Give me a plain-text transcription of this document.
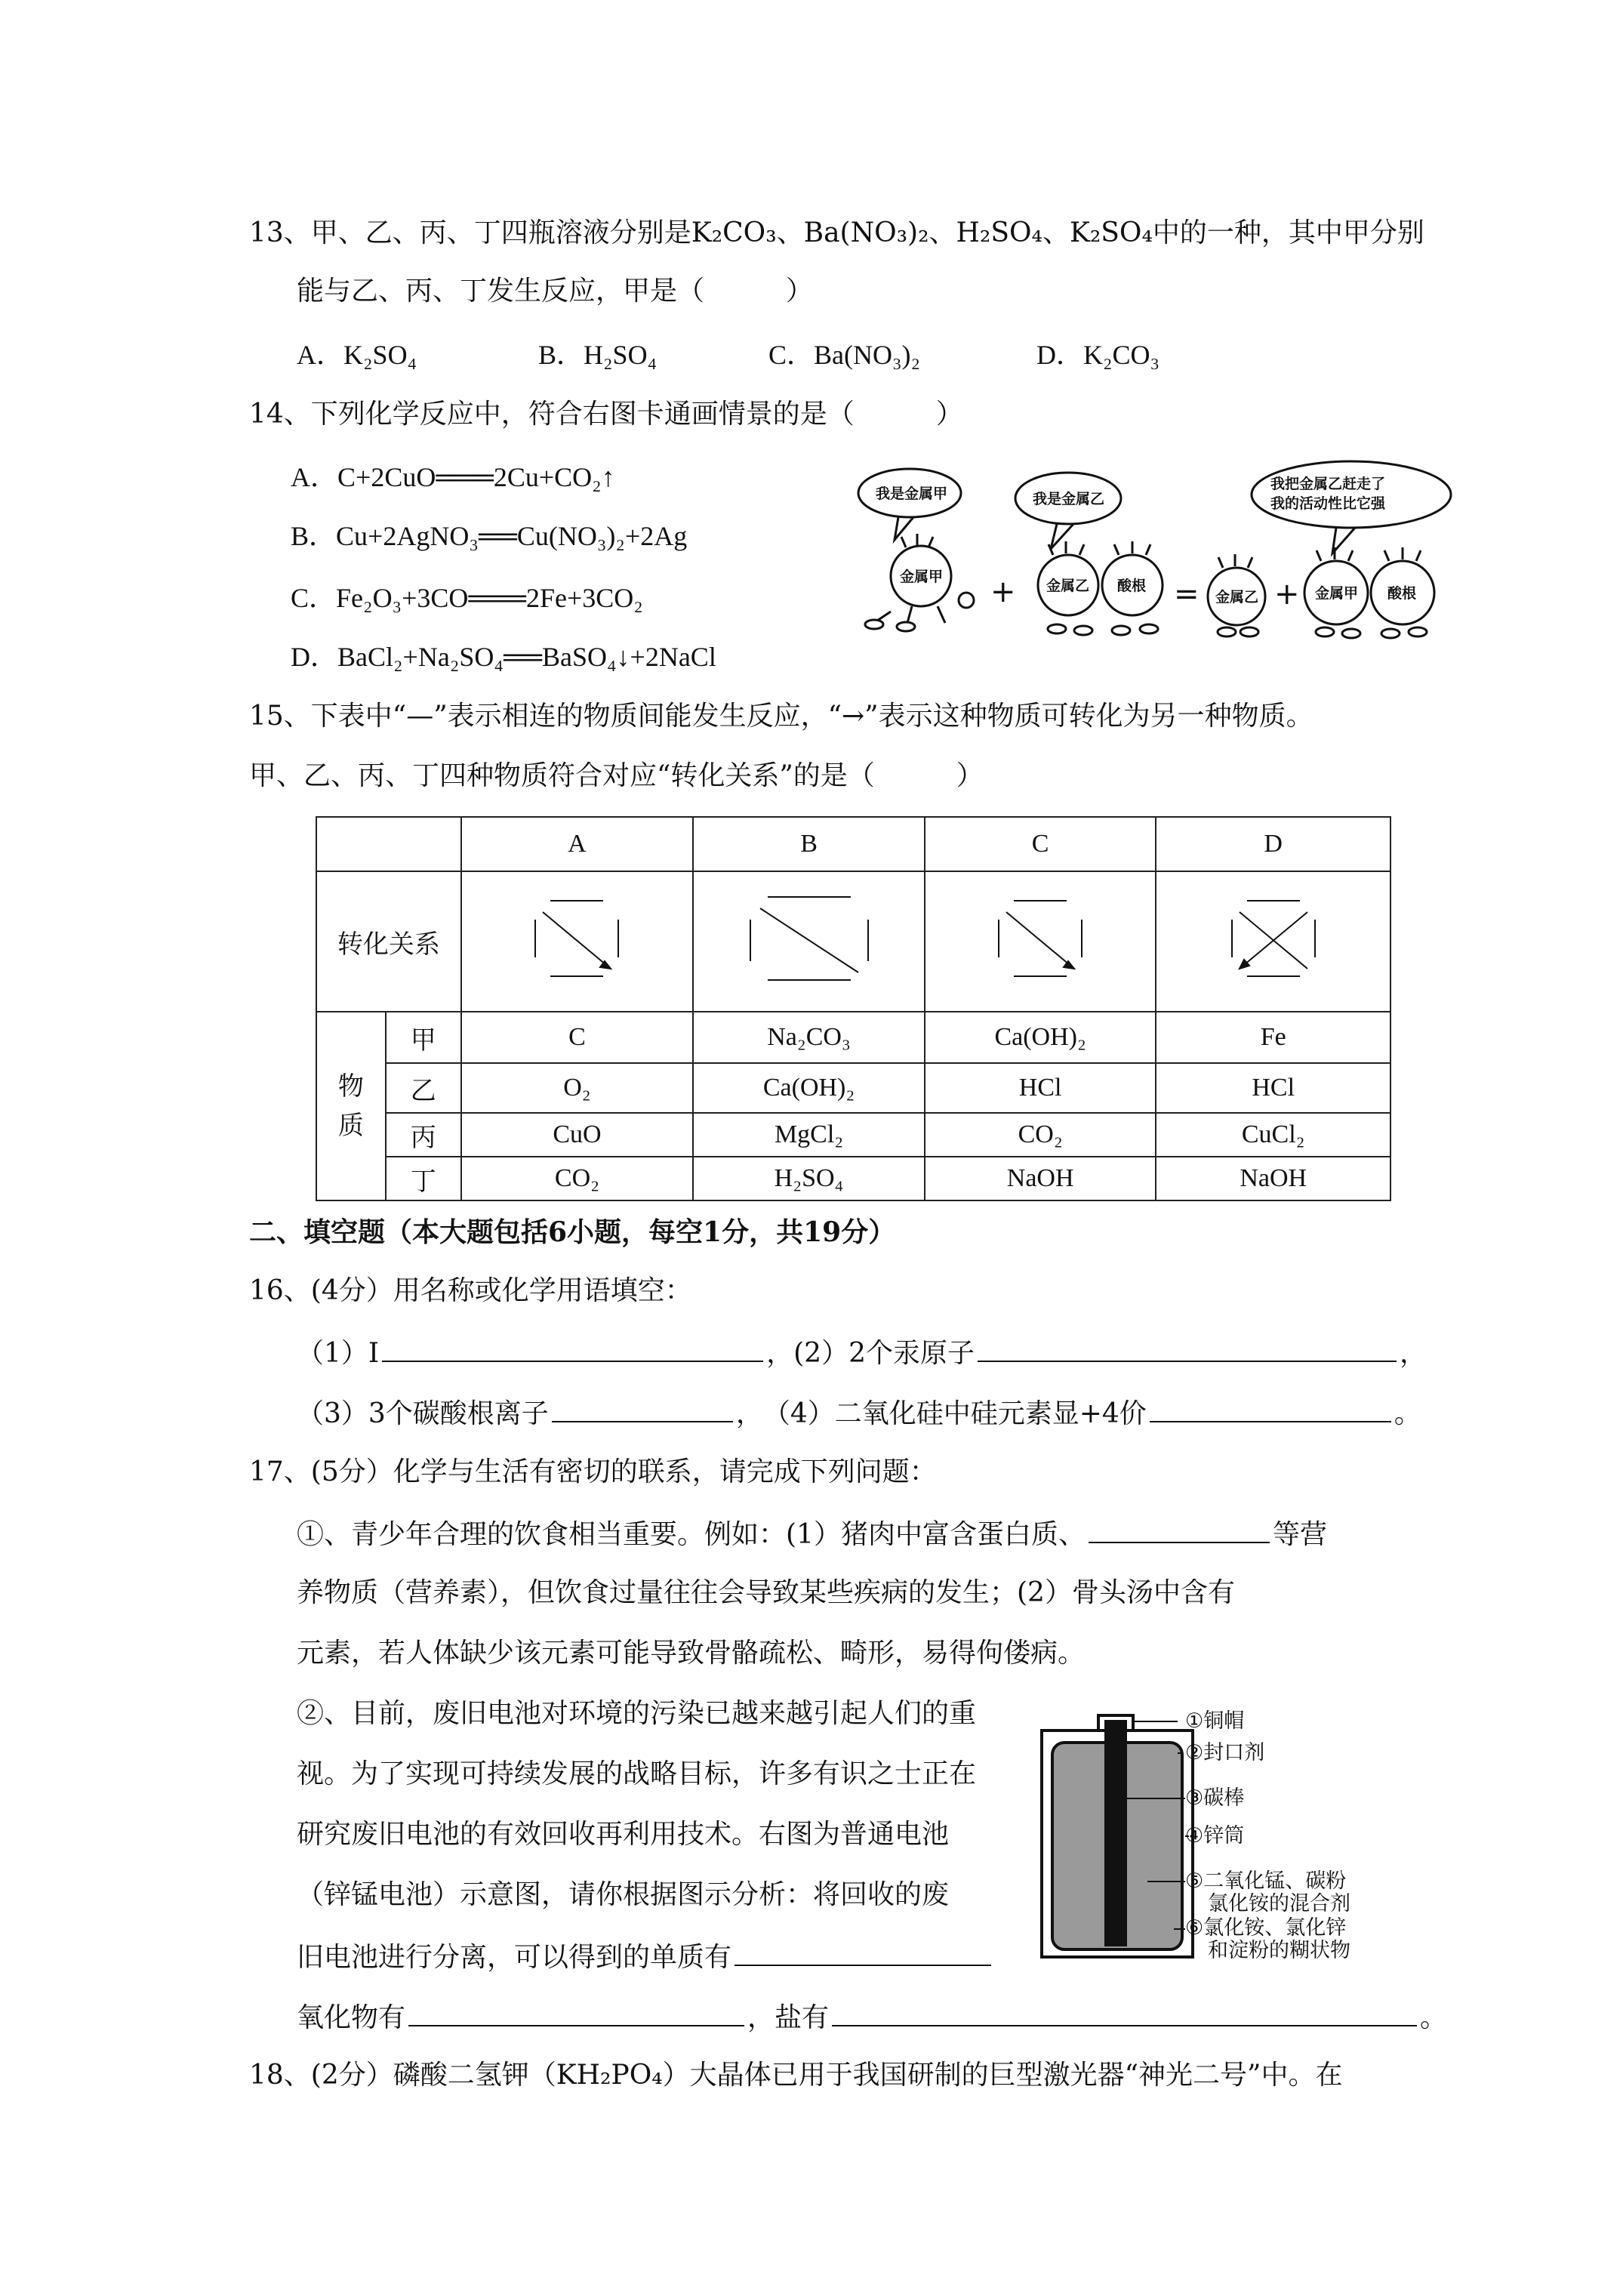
13、甲、乙、丙、丁四瓶溶液分别是K₂CO₃、Ba(NO₃)₂、H₂SO₄、K₂SO₄中的一种，其中甲分别
能与乙、丙、丁发生反应，甲是（　　　）
A．K₂SO₄	B．H₂SO₄	C．Ba(NO₃)₂	D．K₂CO₃
14、下列化学反应中，符合右图卡通画情景的是（　　　）
A．C+2CuO═══2Cu+CO₂↑
B．Cu+2AgNO₃══Cu(NO₃)₂+2Ag
C．Fe₂O₃+3CO═══2Fe+3CO₂
D．BaCl₂+Na₂SO₄══BaSO₄↓+2NaCl
我是金属甲	我是金属乙
我把金属乙赶走了
我的活动性比它强
金属甲
金属乙 酸根
金属乙	金属甲 酸根
+	= +
15、下表中“—”表示相连的物质间能发生反应，“→”表示这种物质可转化为另一种物质。
甲、乙、丙、丁四种物质符合对应“转化关系”的是（　　　）
		A	B	C	D
转化关系				
物质	甲	C	Na₂CO₃	Ca(OH)₂	Fe
	乙	O₂	Ca(OH)₂	HCl	HCl
	丙	CuO	MgCl₂	CO₂	CuCl₂
	丁	CO₂	H₂SO₄	NaOH	NaOH
二、填空题（本大题包括6小题，每空1分，共19分）
16、(4分）用名称或化学用语填空：
（1）I	，(2）2个汞原子	，
（3）3个碳酸根离子	，　（4）二氧化硅中硅元素显+4价	。
17、(5分）化学与生活有密切的联系，请完成下列问题：
①、青少年合理的饮食相当重要。例如：(1）猪肉中富含蛋白质、	等营
养物质（营养素），但饮食过量往往会导致某些疾病的发生；(2）骨头汤中含有
元素，若人体缺少该元素可能导致骨骼疏松、畸形，易得佝偻病。
②、目前，废旧电池对环境的污染已越来越引起人们的重
视。为了实现可持续发展的战略目标，许多有识之士正在
研究废旧电池的有效回收再利用技术。右图为普通电池
（锌锰电池）示意图，请你根据图示分析：将回收的废
旧电池进行分离，可以得到的单质有
氧化物有	，盐有	。
①铜帽
②封口剂
③碳棒
④锌筒
⑤二氧化锰、碳粉
氯化铵的混合剂
⑥氯化铵、氯化锌
和淀粉的糊状物
18、(2分）磷酸二氢钾（KH₂PO₄）大晶体已用于我国研制的巨型激光器“神光二号”中。在
